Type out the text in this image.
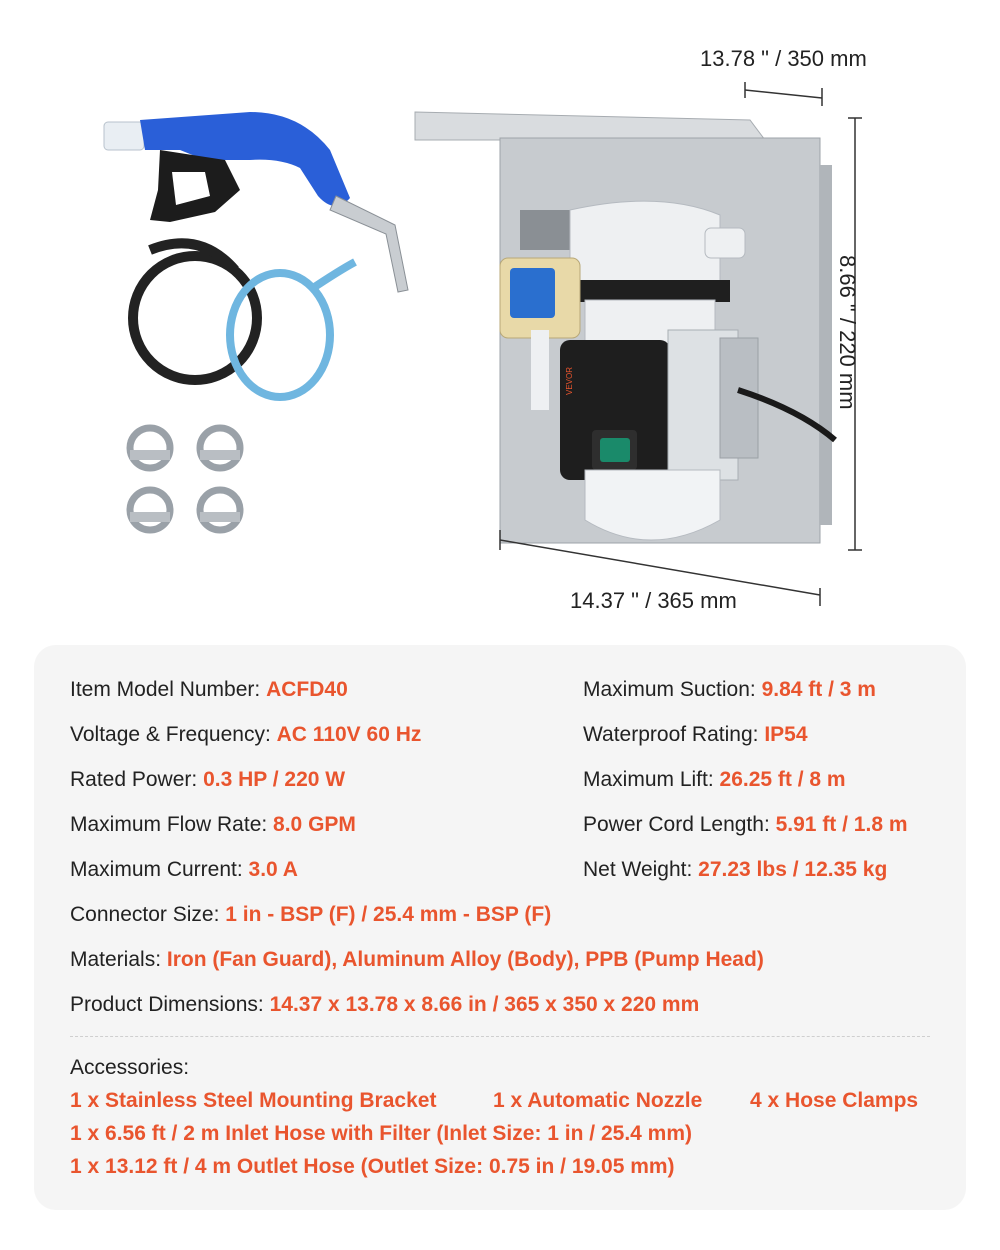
VEVOR
13.78 " / 350 mm
8.66 " / 220 mm
14.37 " / 365 mm
Item Model Number: ACFD40
Voltage & Frequency: AC 110V 60 Hz
Rated Power: 0.3 HP / 220 W
Maximum Flow Rate: 8.0 GPM
Maximum Current: 3.0 A
Maximum Suction: 9.84 ft / 3 m
Waterproof Rating: IP54
Maximum Lift: 26.25 ft / 8 m
Power Cord Length: 5.91 ft / 1.8 m
Net Weight: 27.23 lbs / 12.35 kg
Connector Size: 1 in - BSP (F) / 25.4 mm - BSP (F)
Materials: Iron (Fan Guard), Aluminum Alloy (Body), PPB (Pump Head)
Product Dimensions: 14.37 x 13.78 x 8.66 in / 365 x 350 x 220 mm
Accessories:
1 x Stainless Steel Mounting Bracket	1 x Automatic Nozzle 4 x Hose Clamps
1 x 6.56 ft / 2 m Inlet Hose with Filter (Inlet Size: 1 in / 25.4 mm)
1 x 13.12 ft / 4 m Outlet Hose (Outlet Size: 0.75 in / 19.05 mm)
